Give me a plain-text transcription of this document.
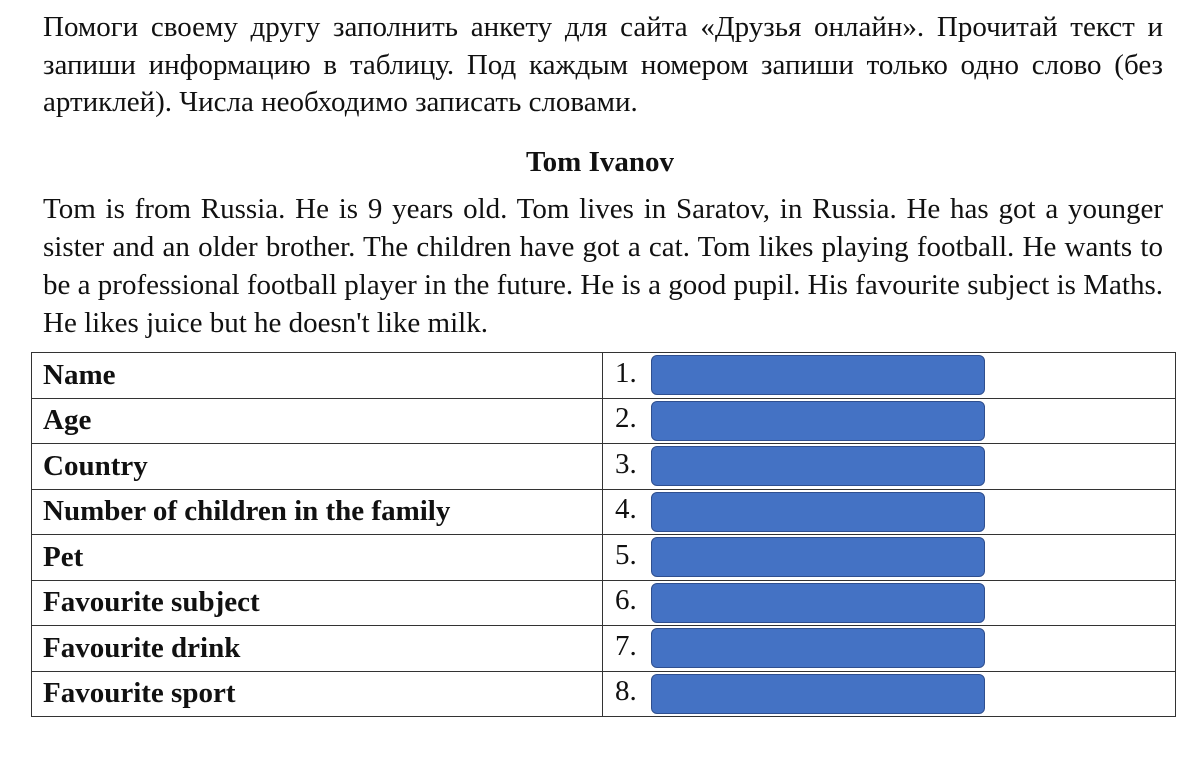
Помоги своему другу заполнить анкету для сайта «Друзья онлайн». Прочитай текст и запиши информацию в таблицу. Под каждым номером запиши только одно слово (без артиклей). Числа необходимо записать словами.

Tom Ivanov

Tom is from Russia. He is 9 years old. Tom lives in Saratov, in Russia. He has got a younger sister and an older brother. The children have got a cat. Tom likes playing football. He wants to be a professional football player in the future. He is a good pupil. His favourite subject is Maths. He likes juice but he doesn't like milk.

Name	1.
Age	2.
Country	3.
Number of children in the family	4.
Pet	5.
Favourite subject	6.
Favourite drink	7.
Favourite sport	8.
